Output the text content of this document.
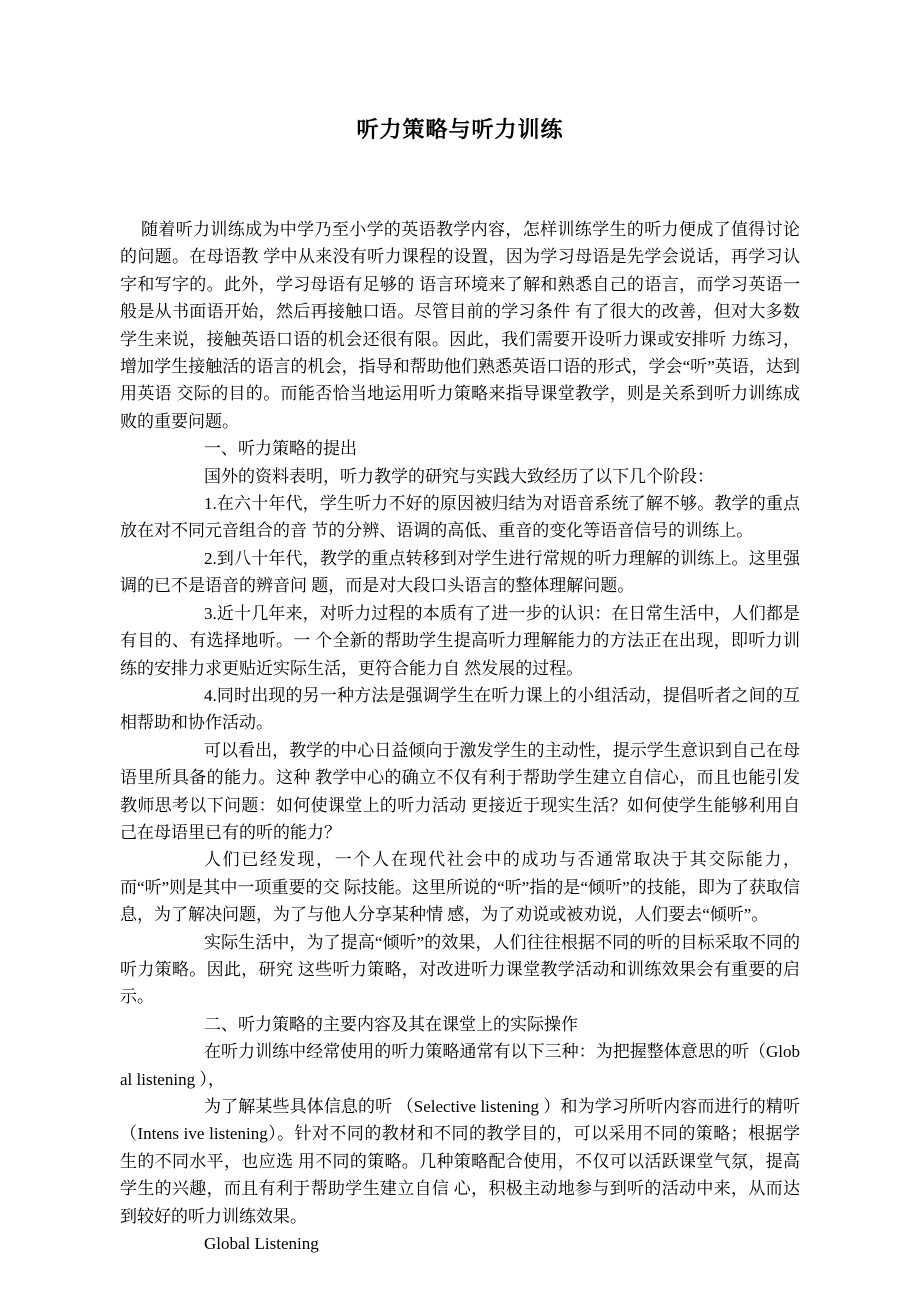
听力策略与听力训练

随着听力训练成为中学乃至小学的英语教学内容，怎样训练学生的听力便成了值得讨论的问题。在母语教 学中从来没有听力课程的设置，因为学习母语是先学会说话，再学习认字和写字的。此外，学习母语有足够的 语言环境来了解和熟悉自己的语言，而学习英语一般是从书面语开始，然后再接触口语。尽管目前的学习条件 有了很大的改善，但对大多数学生来说，接触英语口语的机会还很有限。因此，我们需要开设听力课或安排听 力练习，增加学生接触活的语言的机会，指导和帮助他们熟悉英语口语的形式，学会“听”英语，达到用英语 交际的目的。而能否恰当地运用听力策略来指导课堂教学，则是关系到听力训练成败的重要问题。

一、听力策略的提出

国外的资料表明，听力教学的研究与实践大致经历了以下几个阶段：

1.在六十年代，学生听力不好的原因被归结为对语音系统了解不够。教学的重点放在对不同元音组合的音 节的分辨、语调的高低、重音的变化等语音信号的训练上。

2.到八十年代，教学的重点转移到对学生进行常规的听力理解的训练上。这里强调的已不是语音的辨音问 题，而是对大段口头语言的整体理解问题。

3.近十几年来，对听力过程的本质有了进一步的认识：在日常生活中，人们都是有目的、有选择地听。一 个全新的帮助学生提高听力理解能力的方法正在出现，即听力训练的安排力求更贴近实际生活，更符合能力自 然发展的过程。

4.同时出现的另一种方法是强调学生在听力课上的小组活动，提倡听者之间的互相帮助和协作活动。

可以看出，教学的中心日益倾向于激发学生的主动性，提示学生意识到自己在母语里所具备的能力。这种 教学中心的确立不仅有利于帮助学生建立自信心，而且也能引发教师思考以下问题：如何使课堂上的听力活动 更接近于现实生活？如何使学生能够利用自己在母语里已有的听的能力？

人们已经发现，一个人在现代社会中的成功与否通常取决于其交际能力，而“听”则是其中一项重要的交 际技能。这里所说的“听”指的是“倾听”的技能，即为了获取信息，为了解决问题，为了与他人分享某种情 感，为了劝说或被劝说，人们要去“倾听”。

实际生活中，为了提高“倾听”的效果，人们往往根据不同的听的目标采取不同的听力策略。因此，研究 这些听力策略，对改进听力课堂教学活动和训练效果会有重要的启示。

二、听力策略的主要内容及其在课堂上的实际操作

在听力训练中经常使用的听力策略通常有以下三种：为把握整体意思的听（Global listening ），

为了解某些具体信息的听 （Selective listening ）和为学习所听内容而进行的精听（Intens ive listening）。针对不同的教材和不同的教学目的，可以采用不同的策略；根据学生的不同水平，也应选 用不同的策略。几种策略配合使用，不仅可以活跃课堂气氛，提高学生的兴趣，而且有利于帮助学生建立自信 心，积极主动地参与到听的活动中来，从而达到较好的听力训练效果。

Global Listening
